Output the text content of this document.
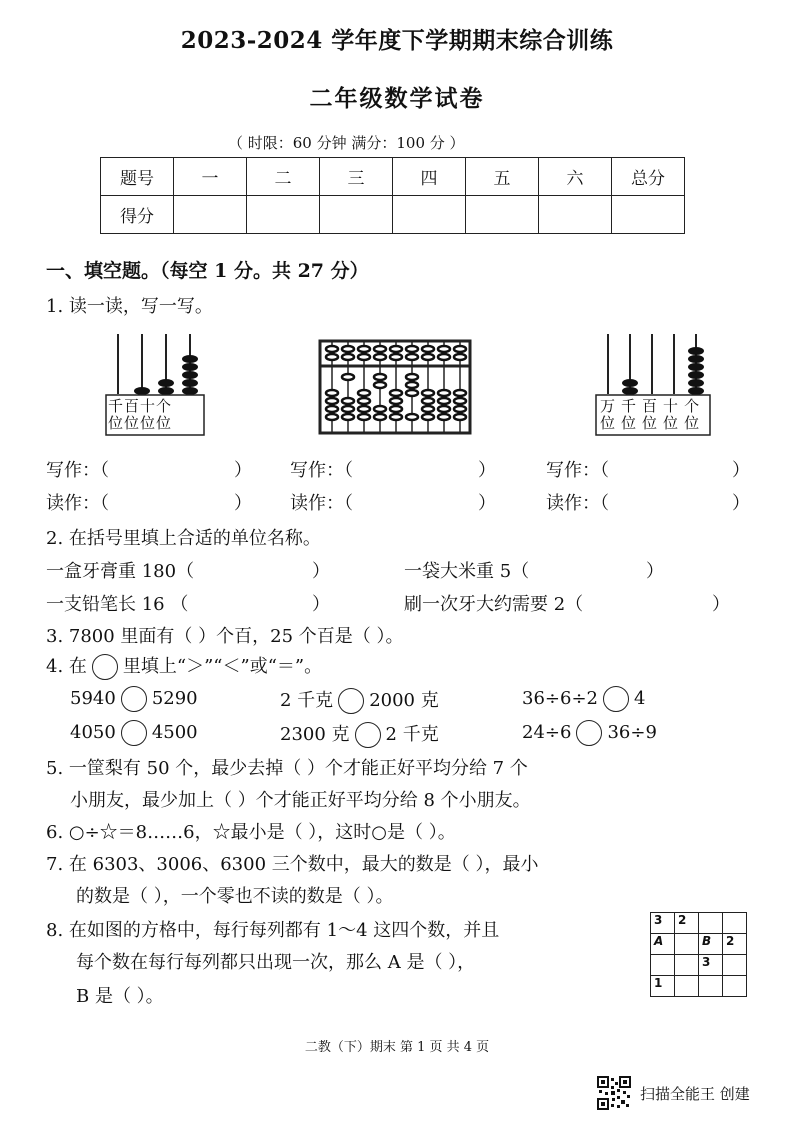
2023-2024 学年度下学期期末综合训练
二年级数学试卷
（ 时限：60 分钟 满分：100 分 ）
题号	一	二	三	四	五	六	总分
得分							
一、填空题。（每空 1 分。共 27 分）
1. 读一读，写一写。
千百十个
位位位位
万千百十个
位位位位位
写作：（	） 写作：（	）	写作：（	）
读作：（	） 读作：（	）	读作：（	）
2. 在括号里填上合适的单位名称。
一盒牙膏重 180（	）	一袋大米重 5（	）
一支铅笔长 16 （	）	刷一次牙大约需要 2（	）
3. 7800 里面有（ ）个百，25 个百是（ ）。
4. 在 里填上“＞”“＜”或“＝”。
5940 5290	2 千克 2000 克	36÷6÷2 4
4050 4500	2300 克 2 千克	24÷6 36÷9
5. 一筐梨有 50 个，最少去掉（ ）个才能正好平均分给 7 个
小朋友，最少加上（ ）个才能正好平均分给 8 个小朋友。
6. ○÷☆＝8……6，☆最小是（ ），这时○是（ ）。
7. 在 6303、3006、6300 三个数中，最大的数是（ ），最小
的数是（ ），一个零也不读的数是（ ）。
8. 在如图的方格中，每行每列都有 1～4 这四个数，并且
每个数在每行每列都只出现一次，那么 A 是（ ），
B 是（ ）。
3	2		
A		B	2
		3	
1			
二教（下）期末 第 1 页 共 4 页
扫描全能王 创建
